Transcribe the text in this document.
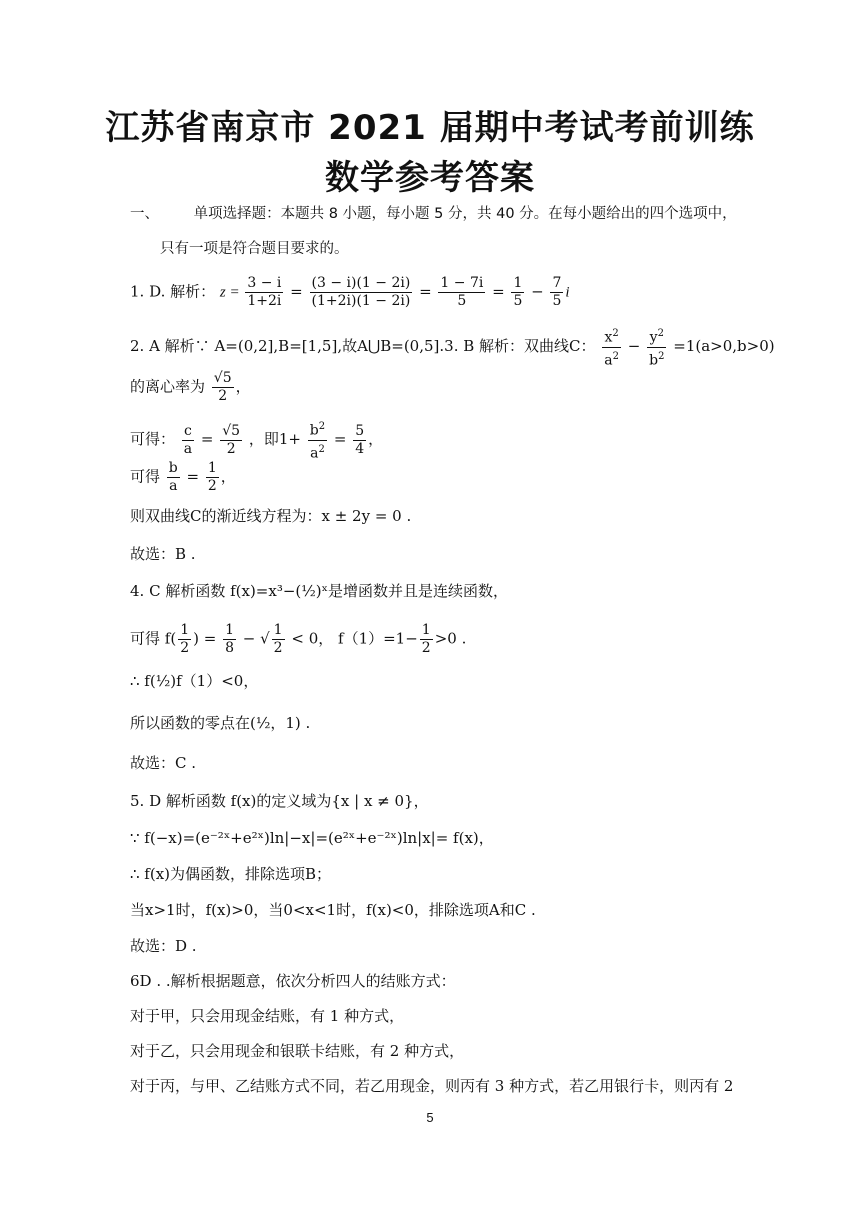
江苏省南京市 2021 届期中考试考前训练
数学参考答案
一、 单项选择题：本题共 8 小题，每小题 5 分，共 40 分。在每小题给出的四个选项中，
只有一项是符合题目要求的。
1. D. 解析： $z = \frac{3 - i}{1+2i} = \frac{(3 - i)(1 - 2i)}{(1+2i)(1 - 2i)} = \frac{1 - 7i}{5} = \frac{1}{5} - \frac{7}{5}$ i
2. A 解析∵ A=(0,2],B=[1,5],故A⋃B=(0,5].3. B 解析：双曲线C： $\frac{x^2}{a^2} - \frac{y^2}{b^2} =1(a>0,b>0)$
的离心率为 $\frac{√5}{2}$ ，
可得： $\frac{c}{a} = \frac{√5}{2}$ ，即$1+ \frac{b^2}{a^2} = \frac{5}{4}$ ，
可得 $\frac{b}{a} = \frac{1}{2}$ ，
则双曲线C的渐近线方程为：x ± 2y = 0 .
故选：B .
4. C 解析函数 f(x)=x³−(½)ˣ是增函数并且是连续函数，
可得 $f( \frac{1}{2}$ ) = $\frac{1}{8}$ − √ $\frac{1}{2} < 0$， $f(1)=1- \frac{1}{2} >0$ .
∴ f(½)f（1）<0，
所以函数的零点在(½，1) .
故选：C .
5. D 解析函数 f(x)的定义域为{x | x ≠ 0}，
∵ f(−x)=(e⁻²ˣ+e²ˣ)ln|−x|=(e²ˣ+e⁻²ˣ)ln|x|= f(x)，
∴ f(x)为偶函数，排除选项B；
当x>1时，f(x)>0，当0<x<1时，f(x)<0，排除选项A和C .
故选：D .
6D . .解析根据题意，依次分析四人的结账方式：
对于甲，只会用现金结账，有 1 种方式，
对于乙，只会用现金和银联卡结账，有 2 种方式，
对于丙，与甲、乙结账方式不同，若乙用现金，则丙有 3 种方式，若乙用银行卡，则丙有 2
5
